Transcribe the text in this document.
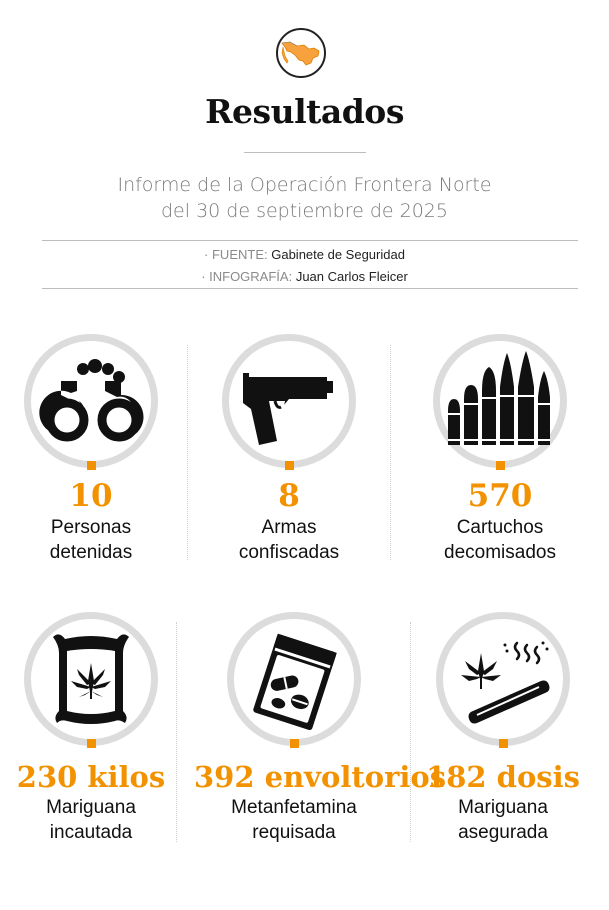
Resultados
Informe de la Operación Frontera Norte
del 30 de septiembre de 2025
· FUENTE: Gabinete de Seguridad
· INFOGRAFÍA: Juan Carlos Fleicer
10
Personas
detenidas
8
Armas
confiscadas
570
Cartuchos
decomisados
230 kilos
Mariguana
incautada
392 envoltorios
Metanfetamina
requisada
182 dosis
Mariguana
asegurada
